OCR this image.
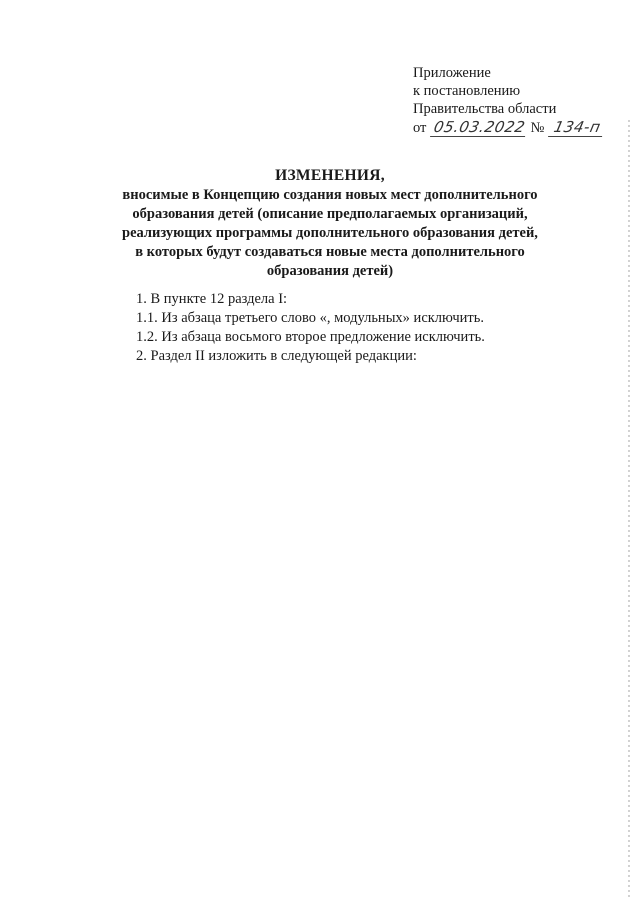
Приложение
к постановлению
Правительства области
от 05.03.2022 № 134-п
ИЗМЕНЕНИЯ,
вносимые в Концепцию создания новых мест дополнительного
образования детей (описание предполагаемых организаций,
реализующих программы дополнительного образования детей,
в которых будут создаваться новые места дополнительного
образования детей)
1. В пункте 12 раздела I:
1.1. Из абзаца третьего слово «, модульных» исключить.
1.2. Из абзаца восьмого второе предложение исключить.
2. Раздел II изложить в следующей редакции:
